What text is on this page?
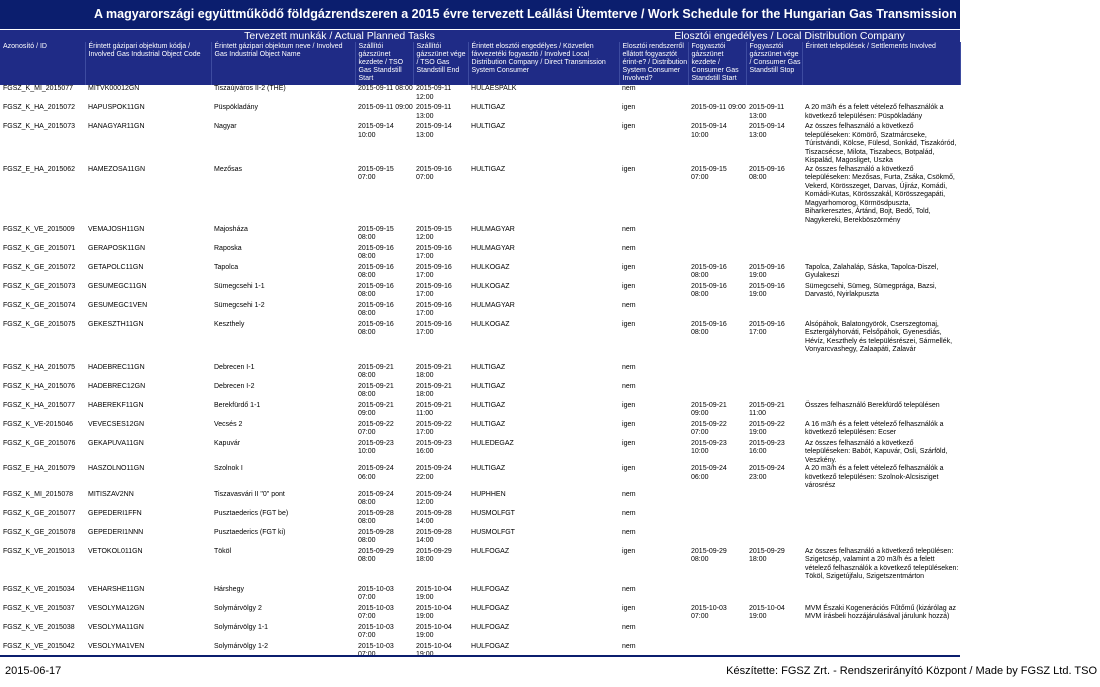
A magyarországi együttműködő földgázrendszeren a 2015 évre tervezett Leállási Ütemterve / Work Schedule for the Hungarian Gas Transmission System Subject to 2015
		Tervezett munkák / Actual Planned Tasks				Elosztói engedélyes / Local Distribution Company			
Azonosító / ID	Érintett gázipari objektum kódja / Involved Gas Industrial Object Code	Érintett gázipari objektum neve / Involved Gas Industrial Object Name	Szállítói gázszünet kezdete / TSO Gas Standstill Start	Szállítói gázszünet vége / TSO Gas Standstill End	Érintett elosztói engedélyes / Közvetlen fávvezetéki fogyasztó / Involved Local Distribution Company / Direct Transmission System Consumer	Elosztói rendszerről ellátott fogyasztót érint-e? / Distribution System Consumer Involved?	Fogyasztói gázszünet kezdete / Consumer Gas Standstill Start	Fogyasztói gázszünet vége / Consumer Gas Standstill Stop	Érintett települések / Settlements Involved
FGSZ_K_MI_2015077	MITVK00012GN	Tiszaújváros II-2 (THE)	2015-09-11 08:00	2015-09-11 12:00	HULAESPALK	nem			
FGSZ_K_HA_2015072	HAPUSPOK11GN	Püspökladány	2015-09-11 09:00	2015-09-11 13:00	HULTIGAZ	igen	2015-09-11 09:00	2015-09-11 13:00	A 20 m3/h és a felett vételező felhasználók a következő településen: Püspökladány
FGSZ_K_HA_2015073	HANAGYAR11GN	Nagyar	2015-09-14 10:00	2015-09-14 13:00	HULTIGAZ	igen	2015-09-14 10:00	2015-09-14 13:00	Az összes felhasználó a következő településeken: Kömörő, Szatmárcseke, Túristvándi, Kölcse, Fülesd, Sonkád, Tiszakóród, Tiszacsécse, Milota, Tiszabecs, Botpalád, Kispalád, Magosliget, Uszka
FGSZ_E_HA_2015062	HAMEZOSA11GN	Mezősas	2015-09-15 07:00	2015-09-16 07:00	HULTIGAZ	igen	2015-09-15 07:00	2015-09-16 08:00	Az összes felhasználó a következő településeken: Mezősas, Furta, Zsáka, Csökmő, Vekerd, Körösszeget, Darvas, Újiráz, Komádi, Komádi-Kutas, Körösszakál, Körösszegapáti, Magyarhomorog, Körmösdpuszta, Biharkeresztes, Ártánd, Bojt, Bedő, Told, Nagykereki, Berekböszörmény
FGSZ_K_VE_2015009	VEMAJOSH11GN	Majosháza	2015-09-15 08:00	2015-09-15 12:00	HULMAGYAR	nem			
FGSZ_K_GE_2015071	GERAPOSK11GN	Raposka	2015-09-16 08:00	2015-09-16 17:00	HULMAGYAR	nem			
FGSZ_K_GE_2015072	GETAPOLC11GN	Tapolca	2015-09-16 08:00	2015-09-16 17:00	HULKOGAZ	igen	2015-09-16 08:00	2015-09-16 19:00	Tapolca, Zalahaláp, Sáska, Tapolca-Diszel, Gyulakeszi
FGSZ_K_GE_2015073	GESUMEGC11GN	Sümegcsehi 1-1	2015-09-16 08:00	2015-09-16 17:00	HULKOGAZ	igen	2015-09-16 08:00	2015-09-16 19:00	Sümegcsehi, Sümeg, Sümegprága, Bazsi, Darvastó, Nyirlakpuszta
FGSZ_K_GE_2015074	GESUMEGC1VEN	Sümegcsehi 1-2	2015-09-16 08:00	2015-09-16 17:00	HULMAGYAR	nem			
FGSZ_K_GE_2015075	GEKESZTH11GN	Keszthely	2015-09-16 08:00	2015-09-16 17:00	HULKOGAZ	igen	2015-09-16 08:00	2015-09-16 17:00	Alsópáhok, Balatongyörök, Cserszegtomaj, Esztergályhorváti, Felsőpáhok, Gyenesdiás, Hévíz, Keszthely és településrészei, Sármellék, Vonyarcvashegy, Zalaapáti, Zalavár
FGSZ_K_HA_2015075	HADEBREC11GN	Debrecen I-1	2015-09-21 08:00	2015-09-21 18:00	HULTIGAZ	nem			
FGSZ_K_HA_2015076	HADEBREC12GN	Debrecen I-2	2015-09-21 08:00	2015-09-21 18:00	HULTIGAZ	nem			
FGSZ_K_HA_2015077	HABEREKF11GN	Berekfürdő 1-1	2015-09-21 09:00	2015-09-21 11:00	HULTIGAZ	igen	2015-09-21 09:00	2015-09-21 11:00	Összes felhasználó Berekfürdő településen
FGSZ_K_VE-2015046	VEVECSES12GN	Vecsés 2	2015-09-22 07:00	2015-09-22 17:00	HULTIGAZ	igen	2015-09-22 07:00	2015-09-22 19:00	A 16 m3/h és a felett vételező felhasználók a következő településen: Ecser
FGSZ_K_GE_2015076	GEKAPUVA11GN	Kapuvár	2015-09-23 10:00	2015-09-23 16:00	HULEDEGAZ	igen	2015-09-23 10:00	2015-09-23 16:00	Az összes felhasználó a következő településeken: Babót, Kapuvár, Osli, Szárföld, Veszkény.
FGSZ_E_HA_2015079	HASZOLNO11GN	Szolnok I	2015-09-24 06:00	2015-09-24 22:00	HULTIGAZ	igen	2015-09-24 06:00	2015-09-24 23:00	A 20 m3/h és a felett vételező felhasználók a következő településen: Szolnok-Alcsisziget városrész
FGSZ_K_MI_2015078	MITISZAV2NN	Tiszavasvári II "0" pont	2015-09-24 08:00	2015-09-24 12:00	HUPHHEN	nem			
FGSZ_K_GE_2015077	GEPEDERI1FFN	Pusztaederics (FGT be)	2015-09-28 08:00	2015-09-28 14:00	HUSMOLFGT	nem			
FGSZ_K_GE_2015078	GEPEDERI1NNN	Pusztaederics (FGT ki)	2015-09-28 08:00	2015-09-28 14:00	HUSMOLFGT	nem			
FGSZ_K_VE_2015013	VETOKOL011GN	Tököl	2015-09-29 08:00	2015-09-29 18:00	HULFOGAZ	igen	2015-09-29 08:00	2015-09-29 18:00	Az összes felhasználó a következő településen: Szigetcsép, valamint a 20 m3/h és a felett vételező felhasználók a következő településeken: Tököl, Szigetújfalu, Szigetszentmárton
FGSZ_K_VE_2015034	VEHARSHE11GN	Hárshegy	2015-10-03 07:00	2015-10-04 19:00	HULFOGAZ	nem			
FGSZ_K_VE_2015037	VESOLYMA12GN	Solymárvölgy 2	2015-10-03 07:00	2015-10-04 19:00	HULFOGAZ	igen	2015-10-03 07:00	2015-10-04 19:00	MVM Északi Kogenerációs Fűtőmű (kizárólag az MVM írásbeli hozzájárulásával járulunk hozzá)
FGSZ_K_VE_2015038	VESOLYMA11GN	Solymárvölgy 1-1	2015-10-03 07:00	2015-10-04 19:00	HULFOGAZ	nem			
FGSZ_K_VE_2015042	VESOLYMA1VEN	Solymárvölgy 1-2	2015-10-03	2015-10-04	HULFOGAZ	nem			
2015-06-17	Készítette: FGSZ Zrt. - Rendszerirányító Központ / Made by FGSZ Ltd. TSO
